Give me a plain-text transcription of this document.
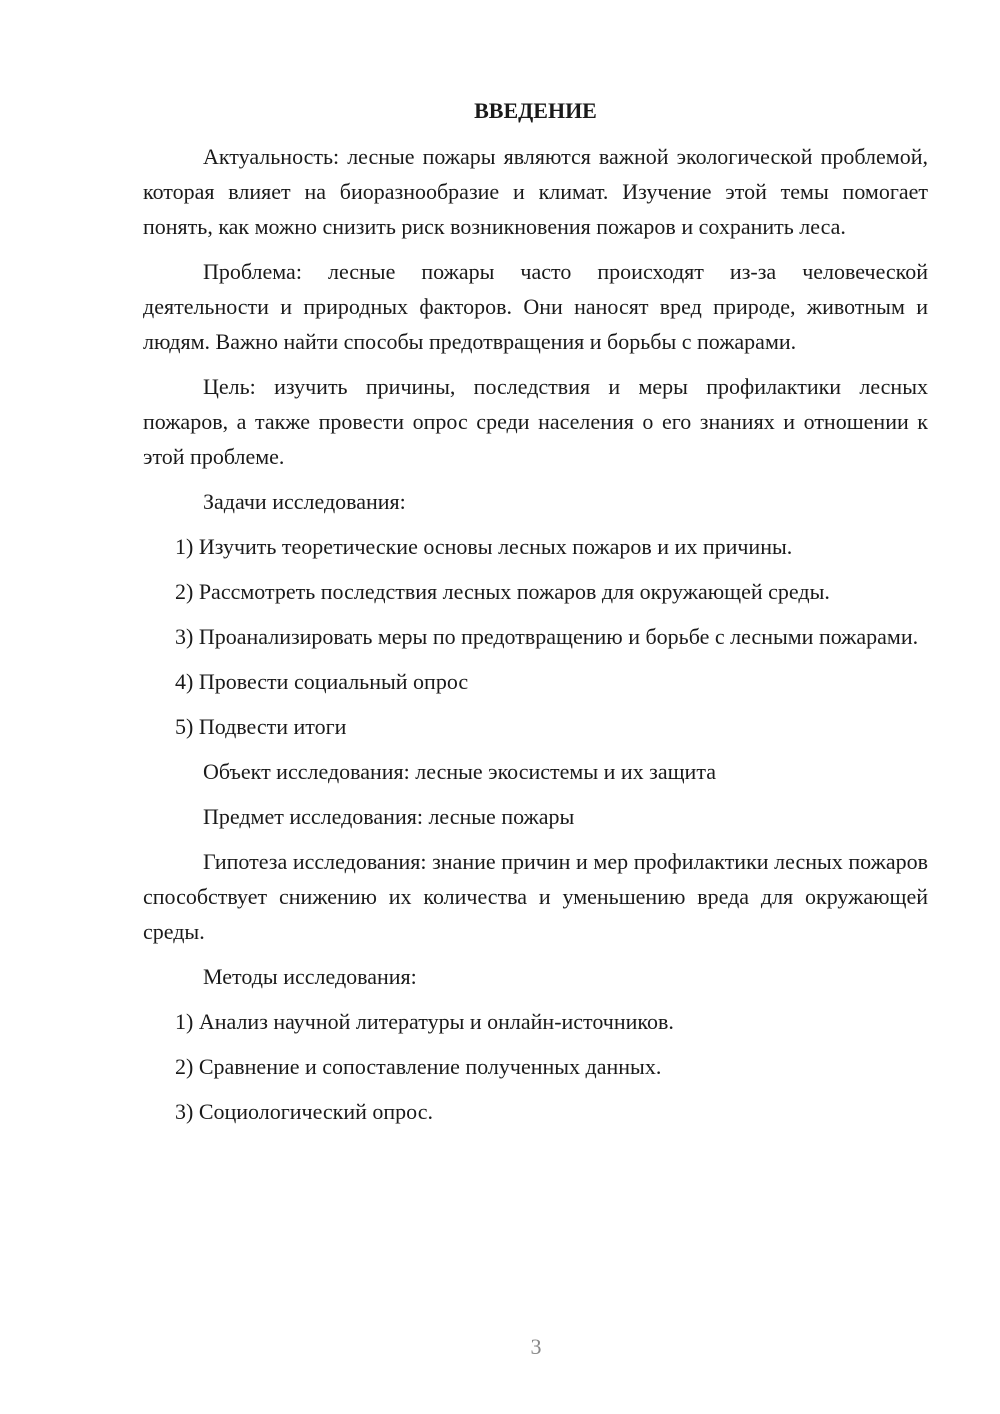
ВВЕДЕНИЕ

Актуальность: лесные пожары являются важной экологической проблемой, которая влияет на биоразнообразие и климат. Изучение этой темы помогает понять, как можно снизить риск возникновения пожаров и сохранить леса.

Проблема: лесные пожары часто происходят из-за человеческой деятельности и природных факторов. Они наносят вред природе, животным и людям. Важно найти способы предотвращения и борьбы с пожарами.

Цель: изучить причины, последствия и меры профилактики лесных пожаров, а также провести опрос среди населения о его знаниях и отношении к этой проблеме.

Задачи исследования:

1) Изучить теоретические основы лесных пожаров и их причины.

2) Рассмотреть последствия лесных пожаров для окружающей среды.

3) Проанализировать меры по предотвращению и борьбе с лесными пожарами.

4) Провести социальный опрос

5) Подвести итоги

Объект исследования: лесные экосистемы и их защита

Предмет исследования: лесные пожары

Гипотеза исследования: знание причин и мер профилактики лесных пожаров способствует снижению их количества и уменьшению вреда для окружающей среды.

Методы исследования:

1) Анализ научной литературы и онлайн-источников.

2) Сравнение и сопоставление полученных данных.

3) Социологический опрос.

3
